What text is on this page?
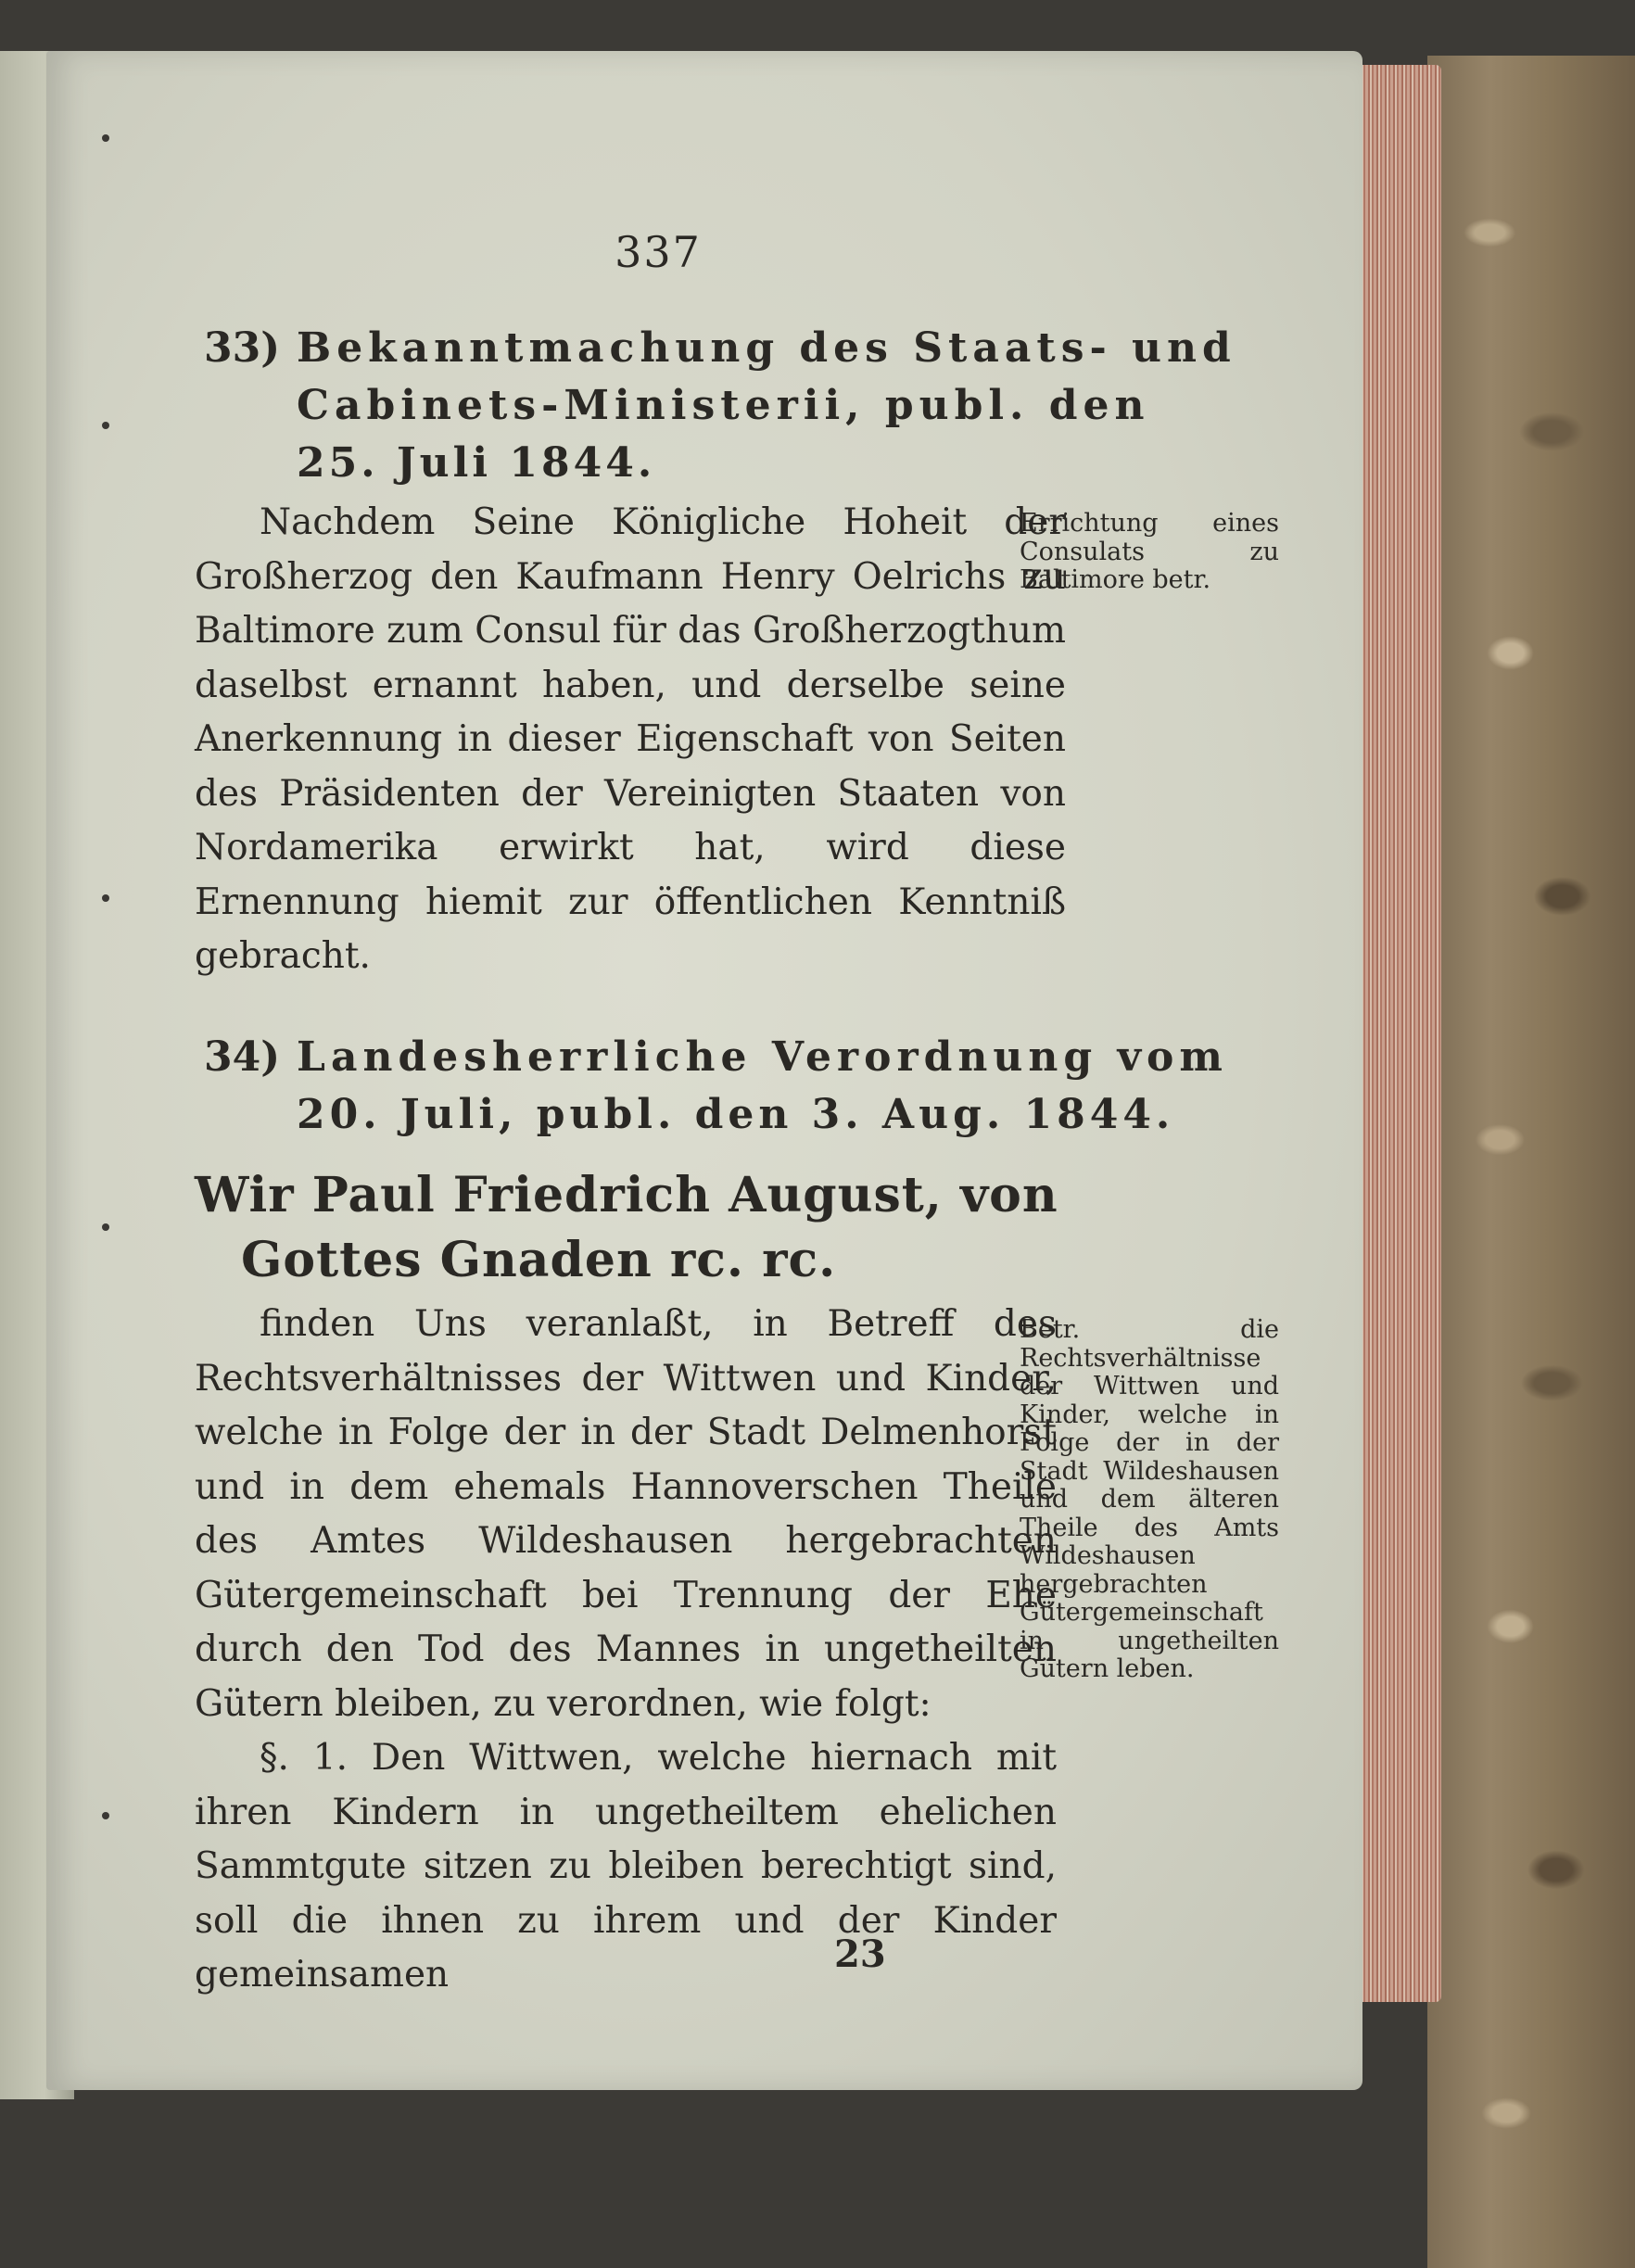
337
33) Bekanntmachung des Staats- und
Cabinets-Ministerii, publ. den
25. Juli 1844.

Nachdem Seine Königliche Hoheit der Großherzog den Kaufmann Henry Oelrichs zu Baltimore zum Consul für das Großherzogthum daselbst ernannt haben, und derselbe seine Anerkennung in dieser Eigenschaft von Seiten des Präsidenten der Vereinigten Staaten von Nordamerika erwirkt hat, wird diese Ernennung hiemit zur öffentlichen Kenntniß gebracht.

Errichtung eines Consulats zu Baltimore betr.
34) Landesherrliche Verordnung vom
20. Juli, publ. den 3. Aug. 1844.
Wir Paul Friedrich August, von
Gottes Gnaden rc. rc.

finden Uns veranlaßt, in Betreff des Rechtsverhältnisses der Wittwen und Kinder, welche in Folge der in der Stadt Delmenhorst und in dem ehemals Hannoverschen Theile des Amtes Wildeshausen hergebrachten Gütergemeinschaft bei Trennung der Ehe durch den Tod des Mannes in ungetheilten Gütern bleiben, zu verordnen, wie folgt:

§. 1. Den Wittwen, welche hiernach mit ihren Kindern in ungetheiltem ehelichen Sammtgute sitzen zu bleiben berechtigt sind, soll die ihnen zu ihrem und der Kinder gemeinsamen

Betr. die Rechtsverhältnisse der Wittwen und Kinder, welche in Folge der in der Stadt Wildeshausen und dem älteren Theile des Amts Wildeshausen hergebrachten Gütergemeinschaft in ungetheilten Gütern leben.
23
